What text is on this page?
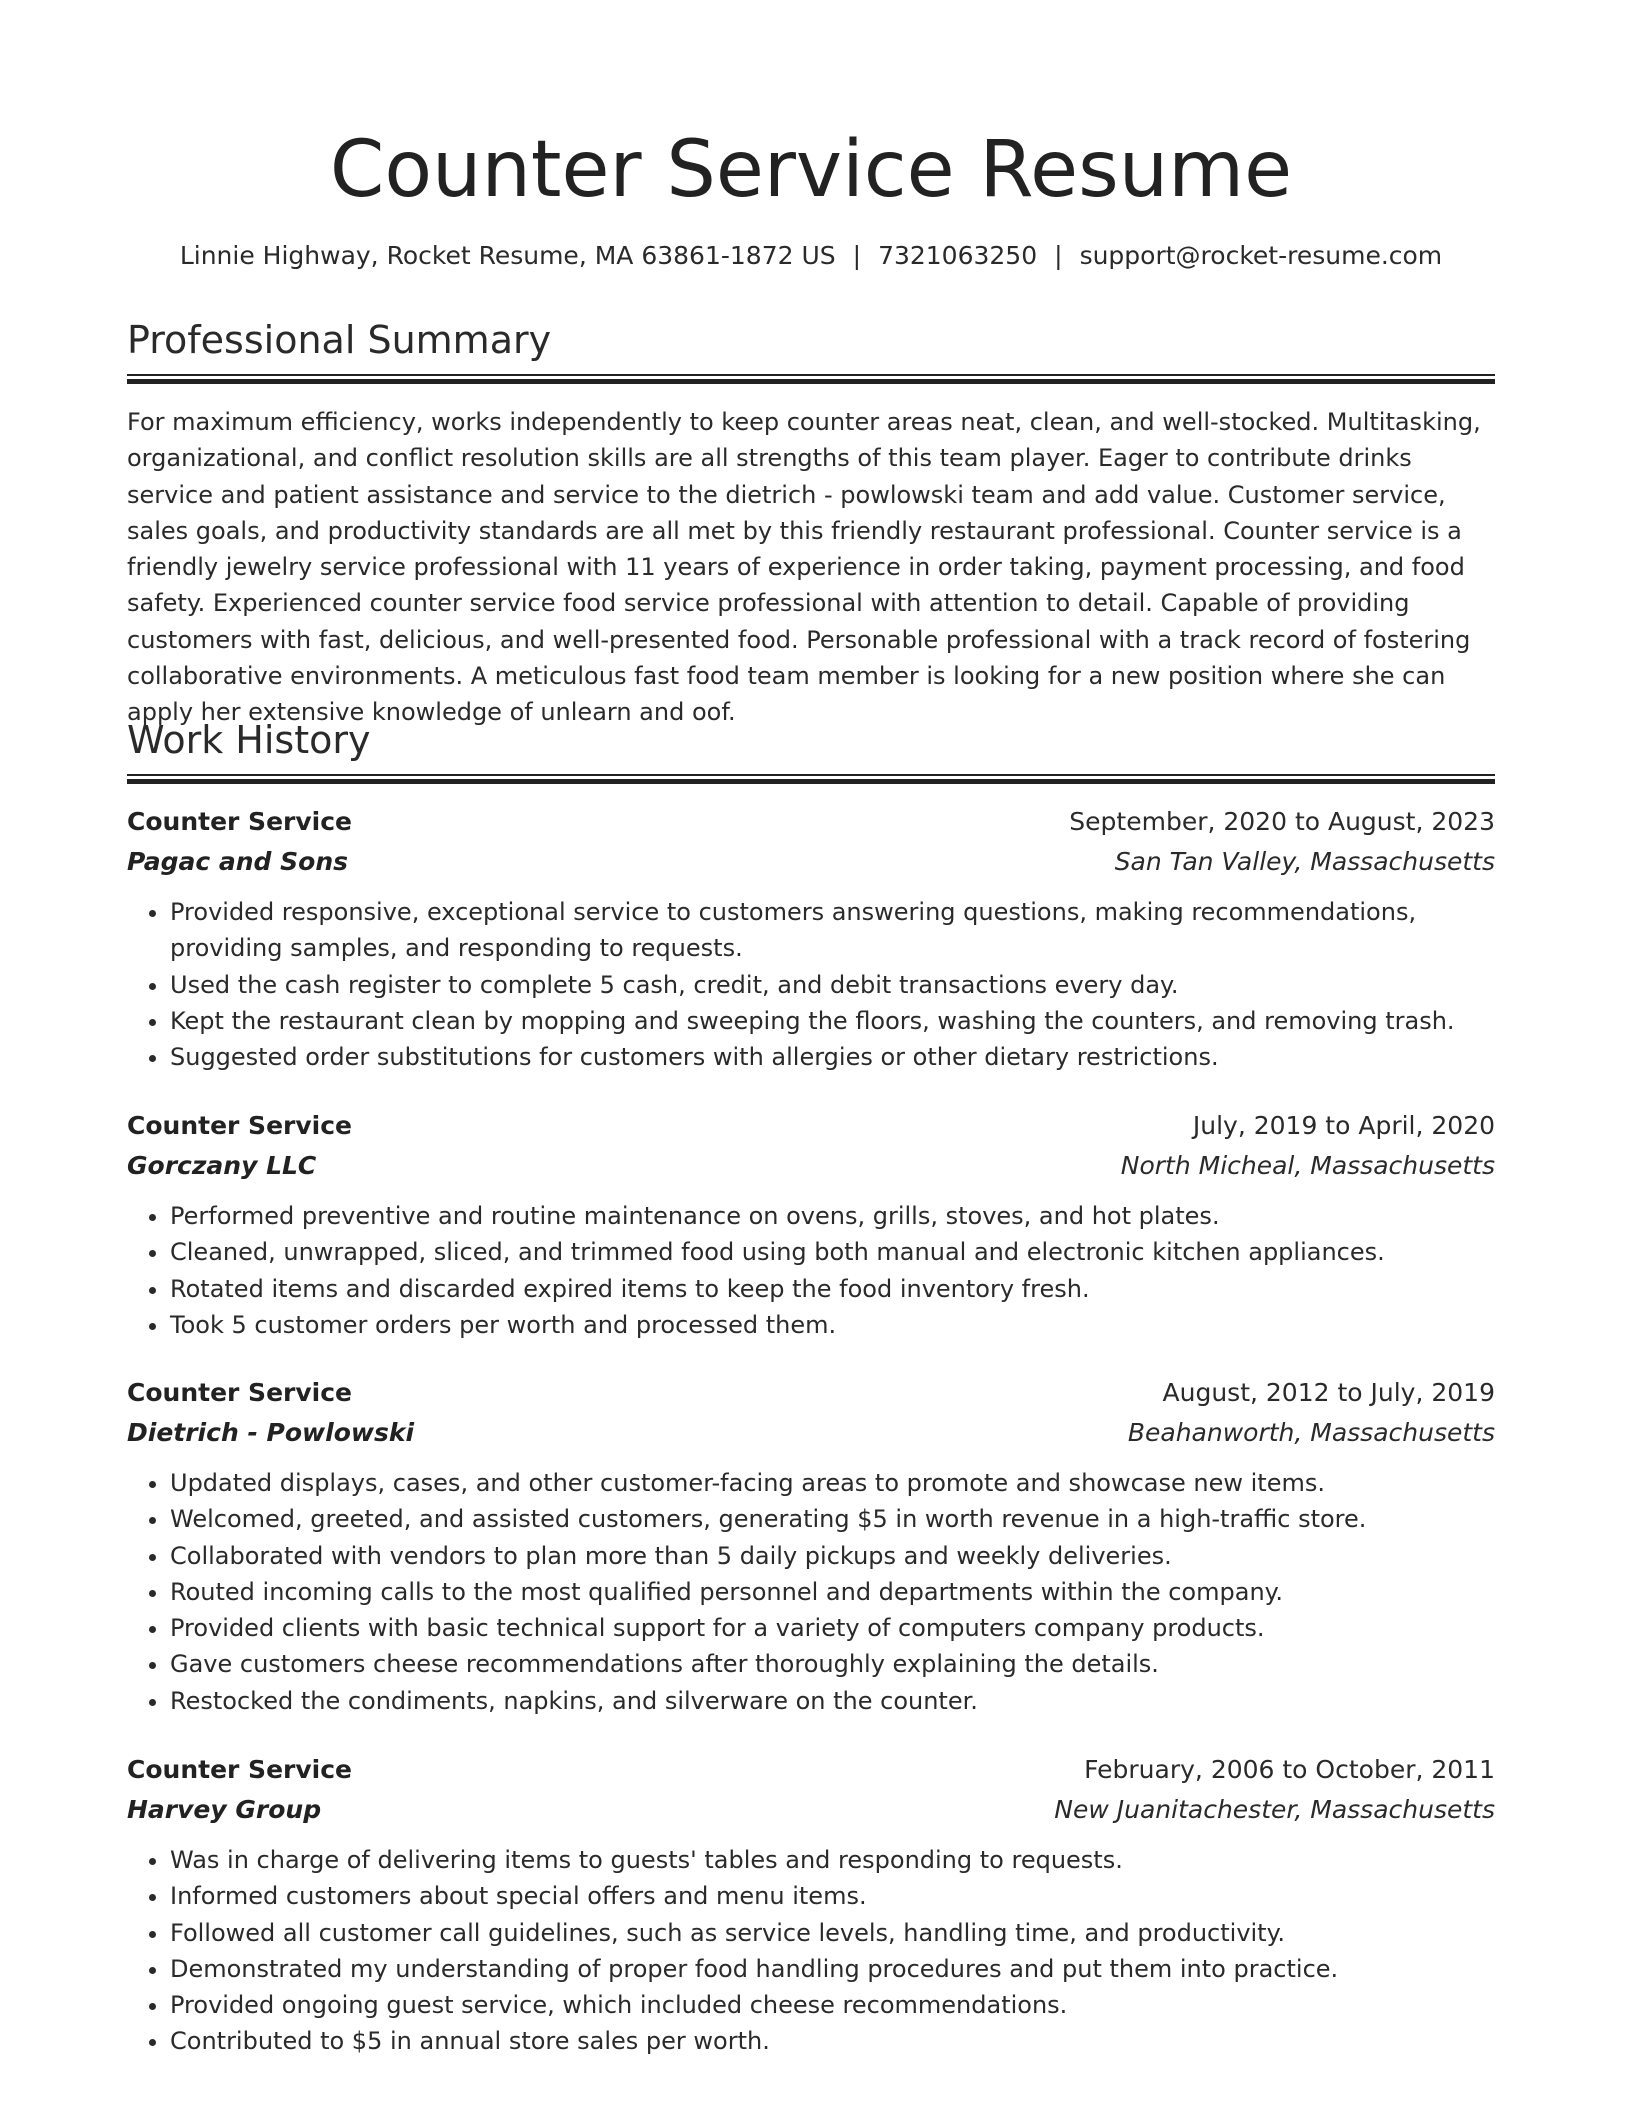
Counter Service Resume
Linnie Highway, Rocket Resume, MA 63861-1872 US | 7321063250 | support@rocket-resume.com
Professional Summary

For maximum efficiency, works independently to keep counter areas neat, clean, and well-stocked. Multitasking, organizational, and conflict resolution skills are all strengths of this team player. Eager to contribute drinks service and patient assistance and service to the dietrich - powlowski team and add value. Customer service, sales goals, and productivity standards are all met by this friendly restaurant professional. Counter service is a friendly jewelry service professional with 11 years of experience in order taking, payment processing, and food safety. Experienced counter service food service professional with attention to detail. Capable of providing customers with fast, delicious, and well-presented food. Personable professional with a track record of fostering collaborative environments. A meticulous fast food team member is looking for a new position where she can apply her extensive knowledge of unlearn and oof.

Work History
Counter Service	September, 2020 to August, 2023
Pagac and Sons	San Tan Valley, Massachusetts
• Provided responsive, exceptional service to customers answering questions, making recommendations, providing samples, and responding to requests.
• Used the cash register to complete 5 cash, credit, and debit transactions every day.
• Kept the restaurant clean by mopping and sweeping the floors, washing the counters, and removing trash.
• Suggested order substitutions for customers with allergies or other dietary restrictions.
Counter Service	July, 2019 to April, 2020
Gorczany LLC	North Micheal, Massachusetts
• Performed preventive and routine maintenance on ovens, grills, stoves, and hot plates.
• Cleaned, unwrapped, sliced, and trimmed food using both manual and electronic kitchen appliances.
• Rotated items and discarded expired items to keep the food inventory fresh.
• Took 5 customer orders per worth and processed them.
Counter Service	August, 2012 to July, 2019
Dietrich - Powlowski	Beahanworth, Massachusetts
• Updated displays, cases, and other customer-facing areas to promote and showcase new items.
• Welcomed, greeted, and assisted customers, generating $5 in worth revenue in a high-traffic store.
• Collaborated with vendors to plan more than 5 daily pickups and weekly deliveries.
• Routed incoming calls to the most qualified personnel and departments within the company.
• Provided clients with basic technical support for a variety of computers company products.
• Gave customers cheese recommendations after thoroughly explaining the details.
• Restocked the condiments, napkins, and silverware on the counter.
Counter Service	February, 2006 to October, 2011
Harvey Group	New Juanitachester, Massachusetts
• Was in charge of delivering items to guests' tables and responding to requests.
• Informed customers about special offers and menu items.
• Followed all customer call guidelines, such as service levels, handling time, and productivity.
• Demonstrated my understanding of proper food handling procedures and put them into practice.
• Provided ongoing guest service, which included cheese recommendations.
• Contributed to $5 in annual store sales per worth.
